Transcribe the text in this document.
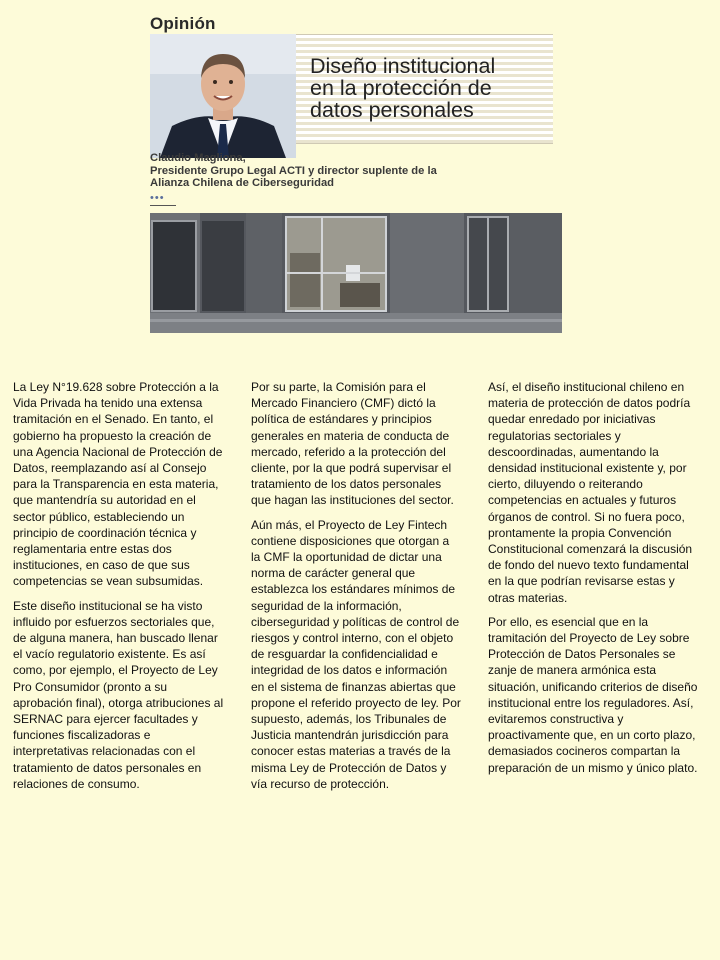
Opinión
Diseño institucional
en la protección de
datos personales
Claudio Magliona,
Presidente Grupo Legal ACTI y director suplente de la
Alianza Chilena de Ciberseguridad
•••

La Ley N°19.628 sobre Protección a la Vida Privada ha tenido una extensa tramitación en el Senado. En tanto, el gobierno ha propuesto la creación de una Agencia Nacional de Protección de Datos, reemplazando así al Consejo para la Transparencia en esta materia, que mantendría su autoridad en el sector público, estableciendo un principio de coordinación técnica y reglamentaria entre estas dos instituciones, en caso de que sus competencias se vean subsumidas.

Este diseño institucional se ha visto influido por esfuerzos sectoriales que, de alguna manera, han buscado llenar el vacío regulatorio existente. Es así como, por ejemplo, el Proyecto de Ley Pro Consumidor (pronto a su aprobación final), otorga atribuciones al SERNAC para ejercer facultades y funciones fiscalizadoras e interpretativas relacionadas con el tratamiento de datos personales en relaciones de consumo.

Por su parte, la Comisión para el Mercado Financiero (CMF) dictó la política de estándares y principios generales en materia de conducta de mercado, referido a la protección del cliente, por la que podrá supervisar el tratamiento de los datos personales que hagan las instituciones del sector.

Aún más, el Proyecto de Ley Fintech contiene disposiciones que otorgan a la CMF la oportunidad de dictar una norma de carácter general que establezca los estándares mínimos de seguridad de la información, ciberseguridad y políticas de control de riesgos y control interno, con el objeto de resguardar la confidencialidad e integridad de los datos e información en el sistema de finanzas abiertas que propone el referido proyecto de ley. Por supuesto, además, los Tribunales de Justicia mantendrán jurisdicción para conocer estas materias a través de la misma Ley de Protección de Datos y vía recurso de protección.

Así, el diseño institucional chileno en materia de protección de datos podría quedar enredado por iniciativas regulatorias sectoriales y descoordinadas, aumentando la densidad institucional existente y, por cierto, diluyendo o reiterando competencias en actuales y futuros órganos de control. Si no fuera poco, prontamente la propia Convención Constitucional comenzará la discusión de fondo del nuevo texto fundamental en la que podrían revisarse estas y otras materias.

Por ello, es esencial que en la tramitación del Proyecto de Ley sobre Protección de Datos Personales se zanje de manera armónica esta situación, unificando criterios de diseño institucional entre los reguladores. Así, evitaremos constructiva y proactivamente que, en un corto plazo, demasiados cocineros compartan la preparación de un mismo y único plato.
